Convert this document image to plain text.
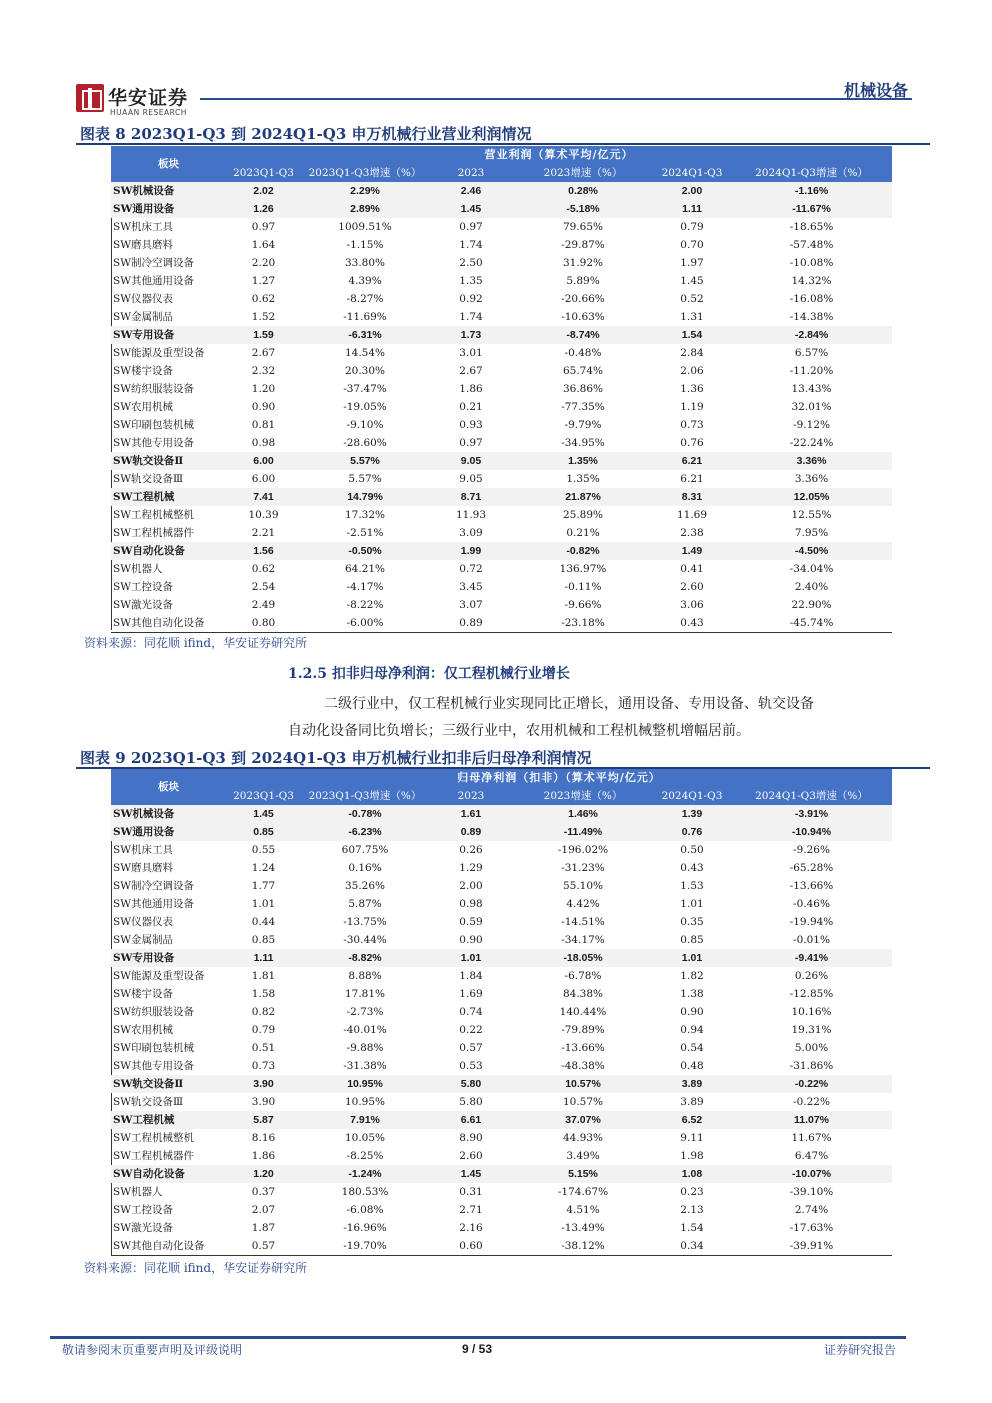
华安证券
HUAAN RESEARCH
机械设备
图表 8 2023Q1-Q3 到 2024Q1-Q3 申万机械行业营业利润情况
板块	营业利润（算术平均/亿元）					
	2023Q1-Q3	2023Q1-Q3增速（%）	2023	2023增速（%）	2024Q1-Q3	2024Q1-Q3增速（%）
SW机械设备	2.02	2.29%	2.46	0.28%	2.00	-1.16%
SW通用设备	1.26	2.89%	1.45	-5.18%	1.11	-11.67%
SW机床工具	0.97	1009.51%	0.97	79.65%	0.79	-18.65%
SW磨具磨料	1.64	-1.15%	1.74	-29.87%	0.70	-57.48%
SW制冷空调设备	2.20	33.80%	2.50	31.92%	1.97	-10.08%
SW其他通用设备	1.27	4.39%	1.35	5.89%	1.45	14.32%
SW仪器仪表	0.62	-8.27%	0.92	-20.66%	0.52	-16.08%
SW金属制品	1.52	-11.69%	1.74	-10.63%	1.31	-14.38%
SW专用设备	1.59	-6.31%	1.73	-8.74%	1.54	-2.84%
SW能源及重型设备	2.67	14.54%	3.01	-0.48%	2.84	6.57%
SW楼宇设备	2.32	20.30%	2.67	65.74%	2.06	-11.20%
SW纺织服装设备	1.20	-37.47%	1.86	36.86%	1.36	13.43%
SW农用机械	0.90	-19.05%	0.21	-77.35%	1.19	32.01%
SW印刷包装机械	0.81	-9.10%	0.93	-9.79%	0.73	-9.12%
SW其他专用设备	0.98	-28.60%	0.97	-34.95%	0.76	-22.24%
SW轨交设备Ⅱ	6.00	5.57%	9.05	1.35%	6.21	3.36%
SW轨交设备Ⅲ	6.00	5.57%	9.05	1.35%	6.21	3.36%
SW工程机械	7.41	14.79%	8.71	21.87%	8.31	12.05%
SW工程机械整机	10.39	17.32%	11.93	25.89%	11.69	12.55%
SW工程机械器件	2.21	-2.51%	3.09	0.21%	2.38	7.95%
SW自动化设备	1.56	-0.50%	1.99	-0.82%	1.49	-4.50%
SW机器人	0.62	64.21%	0.72	136.97%	0.41	-34.04%
SW工控设备	2.54	-4.17%	3.45	-0.11%	2.60	2.40%
SW激光设备	2.49	-8.22%	3.07	-9.66%	3.06	22.90%
SW其他自动化设备	0.80	-6.00%	0.89	-23.18%	0.43	-45.74%
资料来源：同花顺 ifind，华安证券研究所
1.2.5 扣非归母净利润：仅工程机械行业增长
二级行业中，仅工程机械行业实现同比正增长，通用设备、专用设备、轨交设备
自动化设备同比负增长；三级行业中，农用机械和工程机械整机增幅居前。
图表 9 2023Q1-Q3 到 2024Q1-Q3 申万机械行业扣非后归母净利润情况
板块	归母净利润（扣非）（算术平均/亿元）					
	2023Q1-Q3	2023Q1-Q3增速（%）	2023	2023增速（%）	2024Q1-Q3	2024Q1-Q3增速（%）
SW机械设备	1.45	-0.78%	1.61	1.46%	1.39	-3.91%
SW通用设备	0.85	-6.23%	0.89	-11.49%	0.76	-10.94%
SW机床工具	0.55	607.75%	0.26	-196.02%	0.50	-9.26%
SW磨具磨料	1.24	0.16%	1.29	-31.23%	0.43	-65.28%
SW制冷空调设备	1.77	35.26%	2.00	55.10%	1.53	-13.66%
SW其他通用设备	1.01	5.87%	0.98	4.42%	1.01	-0.46%
SW仪器仪表	0.44	-13.75%	0.59	-14.51%	0.35	-19.94%
SW金属制品	0.85	-30.44%	0.90	-34.17%	0.85	-0.01%
SW专用设备	1.11	-8.82%	1.01	-18.05%	1.01	-9.41%
SW能源及重型设备	1.81	8.88%	1.84	-6.78%	1.82	0.26%
SW楼宇设备	1.58	17.81%	1.69	84.38%	1.38	-12.85%
SW纺织服装设备	0.82	-2.73%	0.74	140.44%	0.90	10.16%
SW农用机械	0.79	-40.01%	0.22	-79.89%	0.94	19.31%
SW印刷包装机械	0.51	-9.88%	0.57	-13.66%	0.54	5.00%
SW其他专用设备	0.73	-31.38%	0.53	-48.38%	0.48	-31.86%
SW轨交设备Ⅱ	3.90	10.95%	5.80	10.57%	3.89	-0.22%
SW轨交设备Ⅲ	3.90	10.95%	5.80	10.57%	3.89	-0.22%
SW工程机械	5.87	7.91%	6.61	37.07%	6.52	11.07%
SW工程机械整机	8.16	10.05%	8.90	44.93%	9.11	11.67%
SW工程机械器件	1.86	-8.25%	2.60	3.49%	1.98	6.47%
SW自动化设备	1.20	-1.24%	1.45	5.15%	1.08	-10.07%
SW机器人	0.37	180.53%	0.31	-174.67%	0.23	-39.10%
SW工控设备	2.07	-6.08%	2.71	4.51%	2.13	2.74%
SW激光设备	1.87	-16.96%	2.16	-13.49%	1.54	-17.63%
SW其他自动化设备	0.57	-19.70%	0.60	-38.12%	0.34	-39.91%
资料来源：同花顺 ifind，华安证券研究所
敬请参阅末页重要声明及评级说明	9 / 53	证券研究报告
